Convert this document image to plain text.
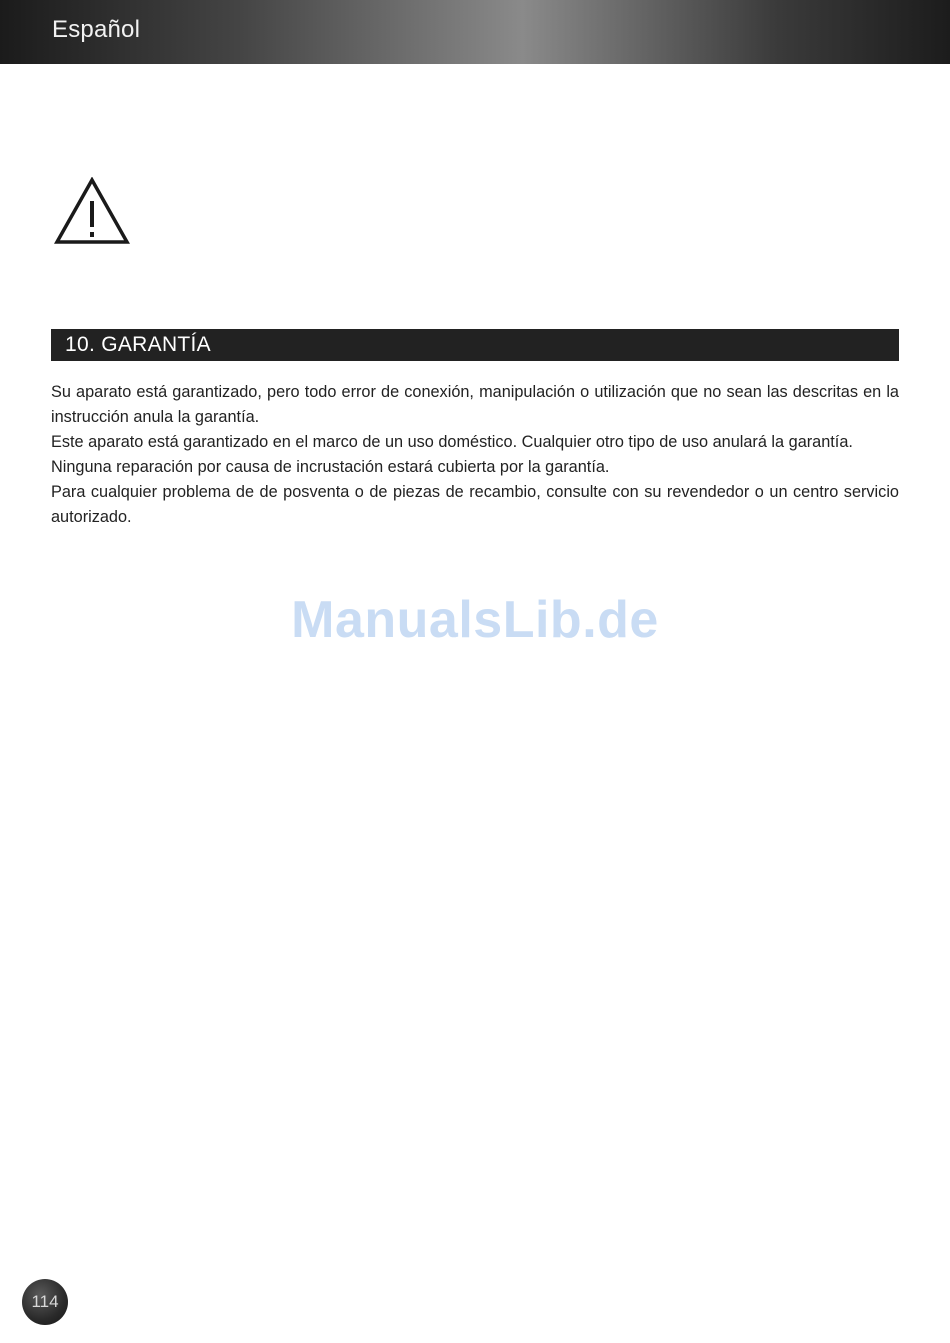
Español
10. GARANTÍA

Su aparato está garantizado, pero todo error de conexión, manipulación o utilización que no sean las descritas en la instrucción anula la garantía.

Este aparato está garantizado en el marco de un uso doméstico. Cualquier otro tipo de uso anulará la garantía.

Ninguna reparación por causa de incrustación estará cubierta por la garantía.

Para cualquier problema de de posventa o de piezas de recambio, consulte con su revendedor o un centro servicio autorizado.

ManualsLib.de
114
